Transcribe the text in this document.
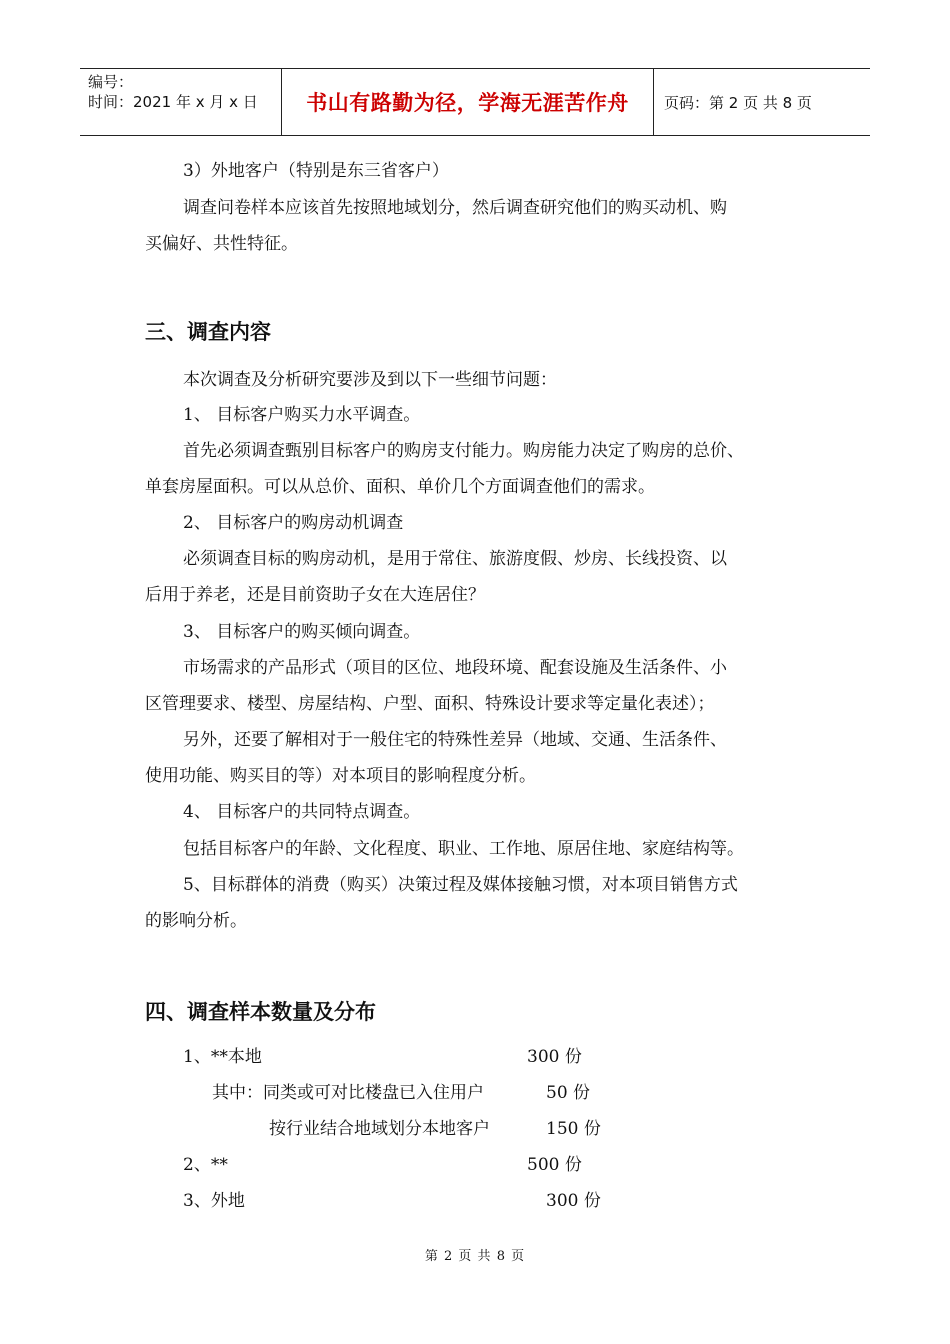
编号：
时间：2021 年 x 月 x 日	书山有路勤为径，学海无涯苦作舟	页码：第 2 页 共 8 页
3）外地客户（特别是东三省客户）
调查问卷样本应该首先按照地域划分，然后调查研究他们的购买动机、购
买偏好、共性特征。
三、调查内容
本次调查及分析研究要涉及到以下一些细节问题：
1、 目标客户购买力水平调查。
首先必须调查甄别目标客户的购房支付能力。购房能力决定了购房的总价、
单套房屋面积。可以从总价、面积、单价几个方面调查他们的需求。
2、 目标客户的购房动机调查
必须调查目标的购房动机，是用于常住、旅游度假、炒房、长线投资、以
后用于养老，还是目前资助子女在大连居住？
3、 目标客户的购买倾向调查。
市场需求的产品形式（项目的区位、地段环境、配套设施及生活条件、小
区管理要求、楼型、房屋结构、户型、面积、特殊设计要求等定量化表述）；
另外，还要了解相对于一般住宅的特殊性差异（地域、交通、生活条件、
使用功能、购买目的等）对本项目的影响程度分析。
4、 目标客户的共同特点调查。
包括目标客户的年龄、文化程度、职业、工作地、原居住地、家庭结构等。
5、目标群体的消费（购买）决策过程及媒体接触习惯，对本项目销售方式
的影响分析。
四、调查样本数量及分布
1、**本地	300 份
其中：同类或可对比楼盘已入住用户	50 份
按行业结合地域划分本地客户	150 份
2、**	500 份
3、外地	300 份
第 2 页 共 8 页
